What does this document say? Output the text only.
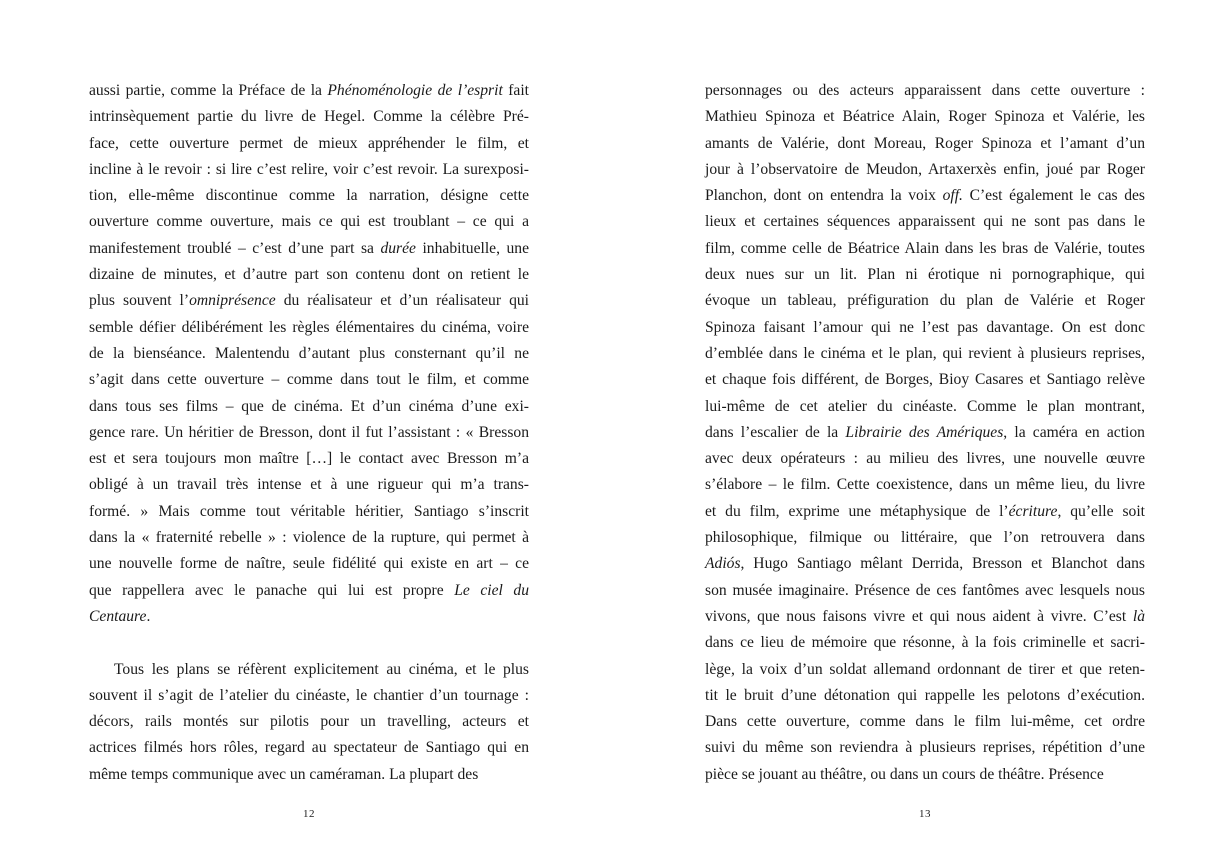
aussi partie, comme la Préface de la Phénoménologie de l’esprit fait
intrinsèquement partie du livre de Hegel. Comme la célèbre Pré-
face, cette ouverture permet de mieux appréhender le film, et
incline à le revoir : si lire c’est relire, voir c’est revoir. La surexposi-
tion, elle-même discontinue comme la narration, désigne cette
ouverture comme ouverture, mais ce qui est troublant – ce qui a
manifestement troublé – c’est d’une part sa durée inhabituelle, une
dizaine de minutes, et d’autre part son contenu dont on retient le
plus souvent l’omniprésence du réalisateur et d’un réalisateur qui
semble défier délibérément les règles élémentaires du cinéma, voire
de la bienséance. Malentendu d’autant plus consternant qu’il ne
s’agit dans cette ouverture – comme dans tout le film, et comme
dans tous ses films – que de cinéma. Et d’un cinéma d’une exi-
gence rare. Un héritier de Bresson, dont il fut l’assistant : « Bresson
est et sera toujours mon maître […] le contact avec Bresson m’a
obligé à un travail très intense et à une rigueur qui m’a trans-
formé. » Mais comme tout véritable héritier, Santiago s’inscrit
dans la « fraternité rebelle » : violence de la rupture, qui permet à
une nouvelle forme de naître, seule fidélité qui existe en art – ce
que rappellera avec le panache qui lui est propre Le ciel du
Centaure.
Tous les plans se réfèrent explicitement au cinéma, et le plus
souvent il s’agit de l’atelier du cinéaste, le chantier d’un tournage :
décors, rails montés sur pilotis pour un travelling, acteurs et
actrices filmés hors rôles, regard au spectateur de Santiago qui en
même temps communique avec un caméraman. La plupart des
12
personnages ou des acteurs apparaissent dans cette ouverture :
Mathieu Spinoza et Béatrice Alain, Roger Spinoza et Valérie, les
amants de Valérie, dont Moreau, Roger Spinoza et l’amant d’un
jour à l’observatoire de Meudon, Artaxerxès enfin, joué par Roger
Planchon, dont on entendra la voix off. C’est également le cas des
lieux et certaines séquences apparaissent qui ne sont pas dans le
film, comme celle de Béatrice Alain dans les bras de Valérie, toutes
deux nues sur un lit. Plan ni érotique ni pornographique, qui
évoque un tableau, préfiguration du plan de Valérie et Roger
Spinoza faisant l’amour qui ne l’est pas davantage. On est donc
d’emblée dans le cinéma et le plan, qui revient à plusieurs reprises,
et chaque fois différent, de Borges, Bioy Casares et Santiago relève
lui-même de cet atelier du cinéaste. Comme le plan montrant,
dans l’escalier de la Librairie des Amériques, la caméra en action
avec deux opérateurs : au milieu des livres, une nouvelle œuvre
s’élabore – le film. Cette coexistence, dans un même lieu, du livre
et du film, exprime une métaphysique de l’écriture, qu’elle soit
philosophique, filmique ou littéraire, que l’on retrouvera dans
Adiós, Hugo Santiago mêlant Derrida, Bresson et Blanchot dans
son musée imaginaire. Présence de ces fantômes avec lesquels nous
vivons, que nous faisons vivre et qui nous aident à vivre. C’est là
dans ce lieu de mémoire que résonne, à la fois criminelle et sacri-
lège, la voix d’un soldat allemand ordonnant de tirer et que reten-
tit le bruit d’une détonation qui rappelle les pelotons d’exécution.
Dans cette ouverture, comme dans le film lui-même, cet ordre
suivi du même son reviendra à plusieurs reprises, répétition d’une
pièce se jouant au théâtre, ou dans un cours de théâtre. Présence
13
